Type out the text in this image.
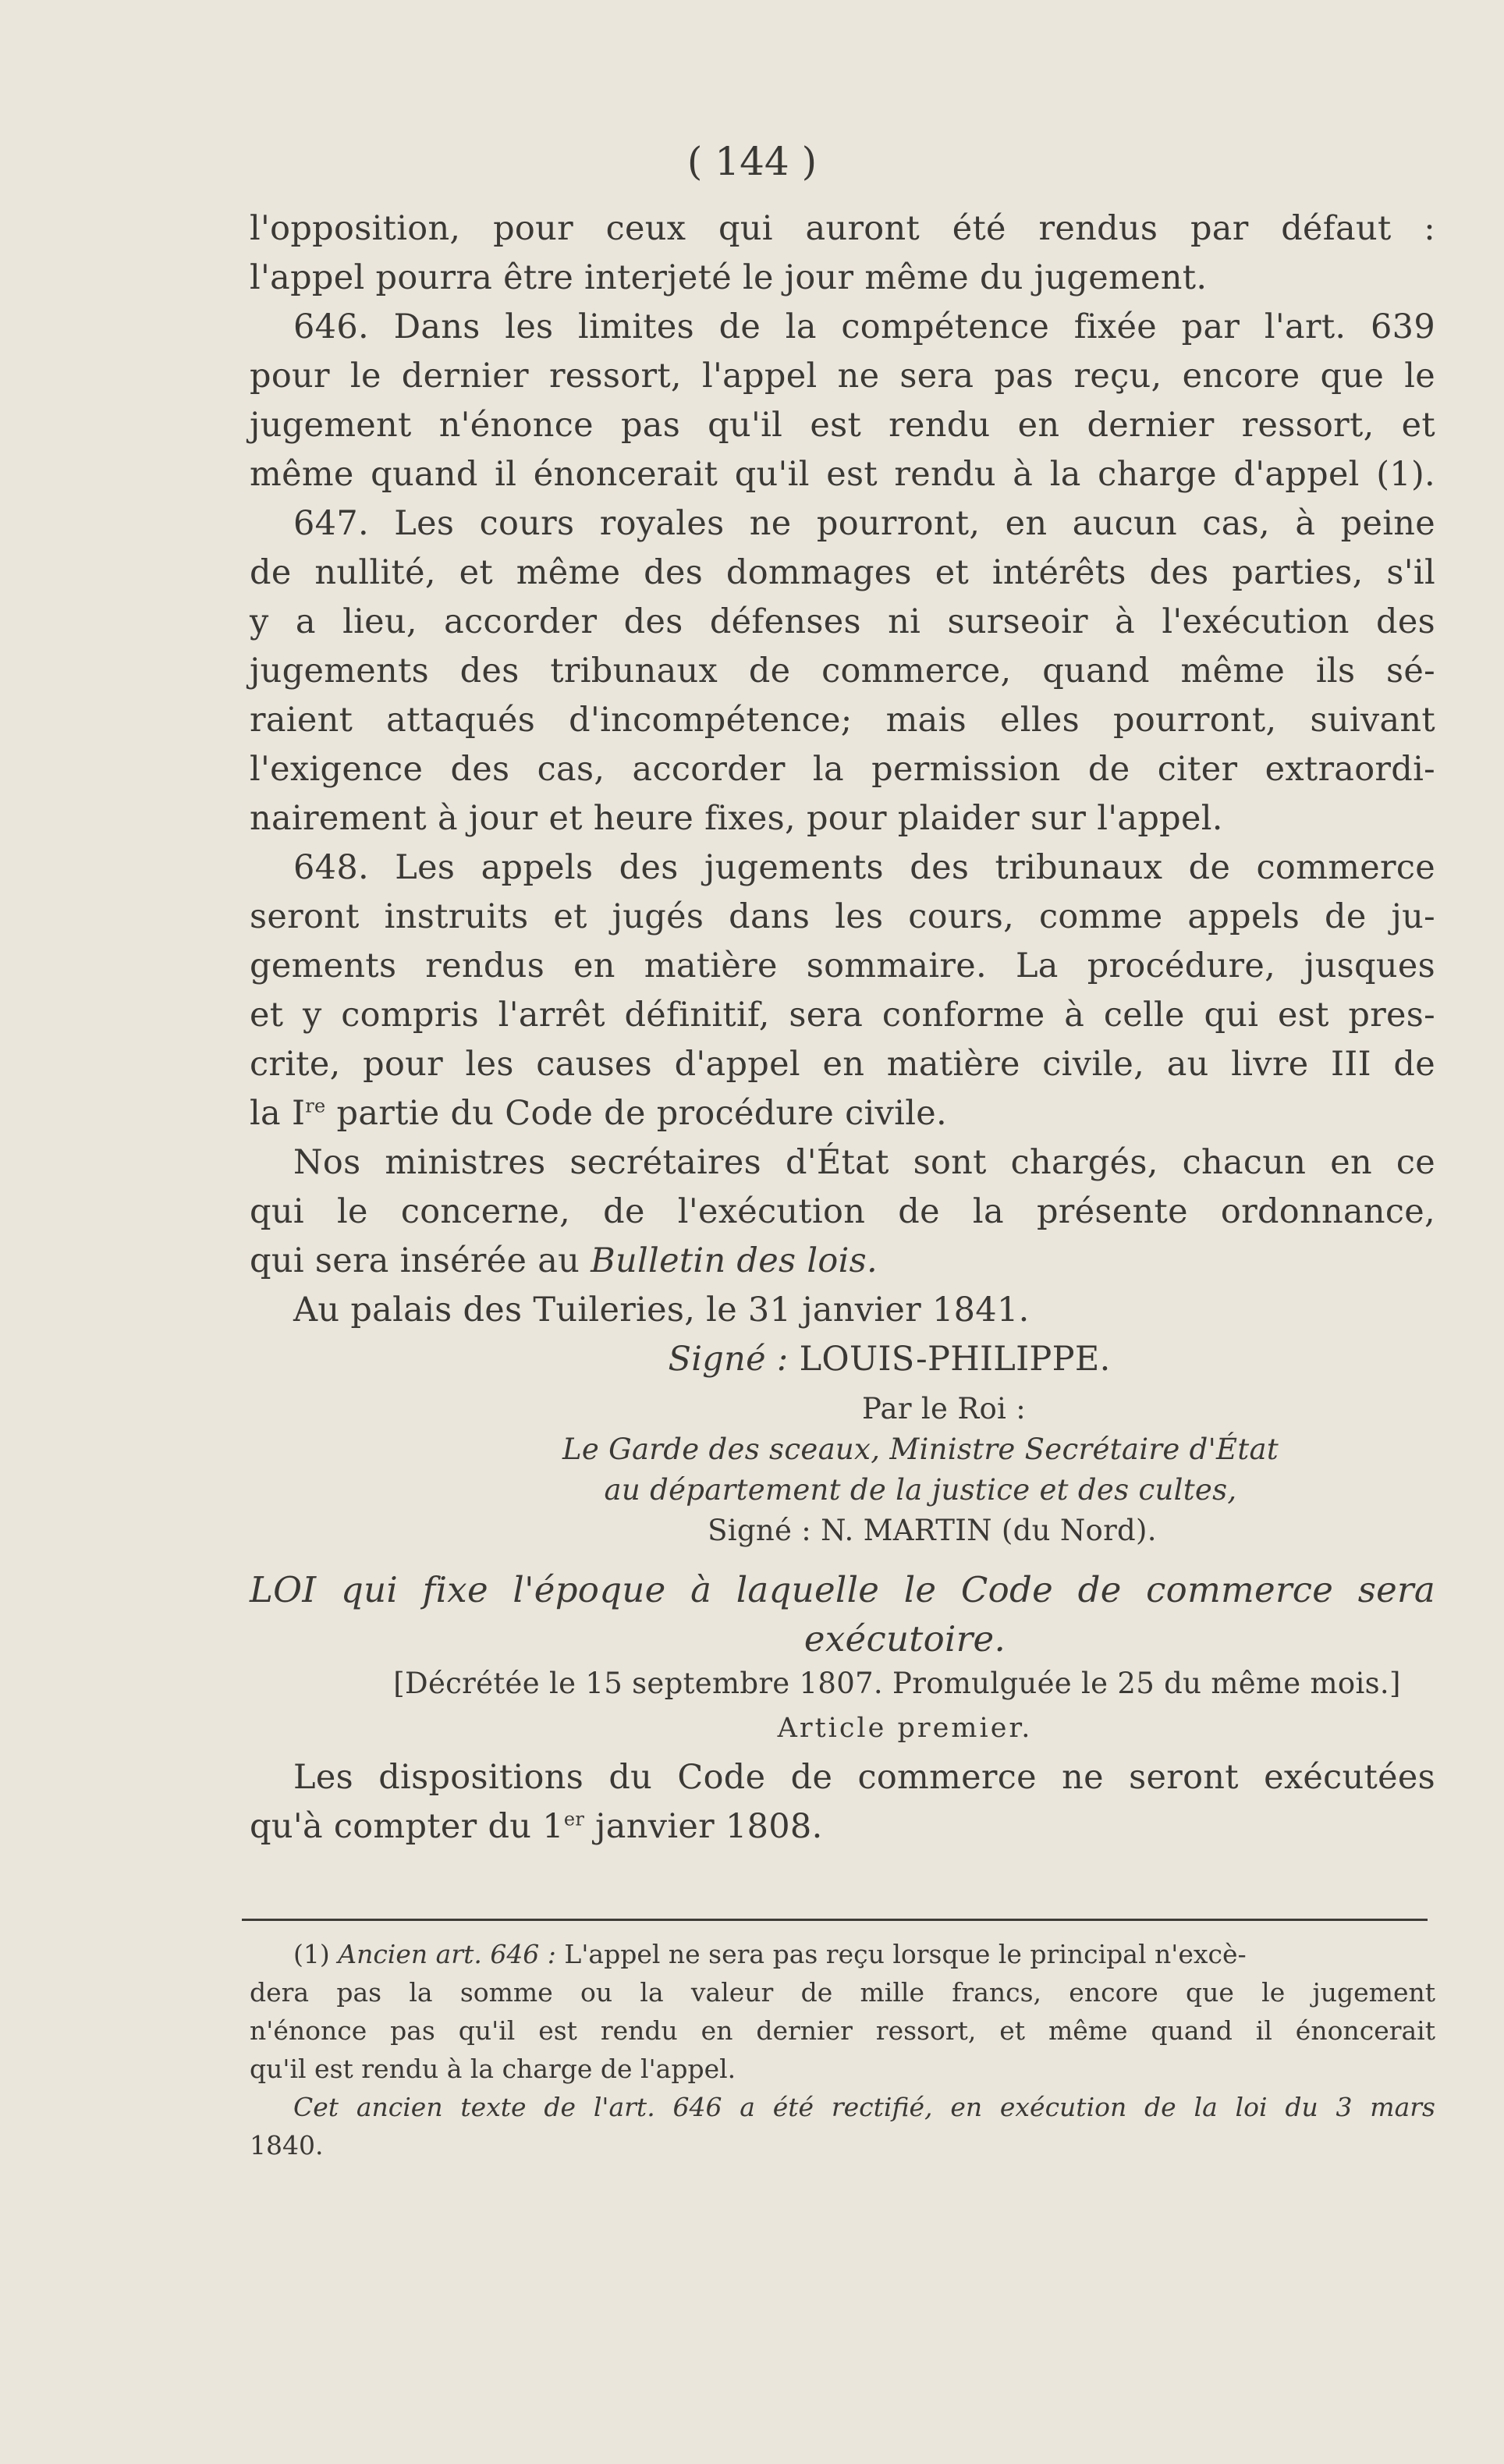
( 144 )

l'opposition, pour ceux qui auront été rendus par défaut :

l'appel pourra être interjeté le jour même du jugement.

646. Dans les limites de la compétence fixée par l'art. 639

pour le dernier ressort, l'appel ne sera pas reçu, encore que le

jugement n'énonce pas qu'il est rendu en dernier ressort, et

même quand il énoncerait qu'il est rendu à la charge d'appel (1).

647. Les cours royales ne pourront, en aucun cas, à peine

de nullité, et même des dommages et intérêts des parties, s'il

y a lieu, accorder des défenses ni surseoir à l'exécution des

jugements des tribunaux de commerce, quand même ils sé-

raient attaqués d'incompétence; mais elles pourront, suivant

l'exigence des cas, accorder la permission de citer extraordi-

nairement à jour et heure fixes, pour plaider sur l'appel.

648. Les appels des jugements des tribunaux de commerce

seront instruits et jugés dans les cours, comme appels de ju-

gements rendus en matière sommaire. La procédure, jusques

et y compris l'arrêt définitif, sera conforme à celle qui est pres-

crite, pour les causes d'appel en matière civile, au livre III de

la Ire partie du Code de procédure civile.

Nos ministres secrétaires d'État sont chargés, chacun en ce

qui le concerne, de l'exécution de la présente ordonnance,

qui sera insérée au Bulletin des lois.

Au palais des Tuileries, le 31 janvier 1841.

Signé : LOUIS-PHILIPPE.

Par le Roi :

Le Garde des sceaux, Ministre Secrétaire d'État

au département de la justice et des cultes,

Signé : N. MARTIN (du Nord).

LOI qui fixe l'époque à laquelle le Code de commerce sera

exécutoire.

[Décrétée le 15 septembre 1807. Promulguée le 25 du même mois.]

Article premier.

Les dispositions du Code de commerce ne seront exécutées

qu'à compter du 1er janvier 1808.

(1) Ancien art. 646 : L'appel ne sera pas reçu lorsque le principal n'excè-

dera pas la somme ou la valeur de mille francs, encore que le jugement

n'énonce pas qu'il est rendu en dernier ressort, et même quand il énoncerait

qu'il est rendu à la charge de l'appel.

Cet ancien texte de l'art. 646 a été rectifié, en exécution de la loi du 3 mars

1840.
